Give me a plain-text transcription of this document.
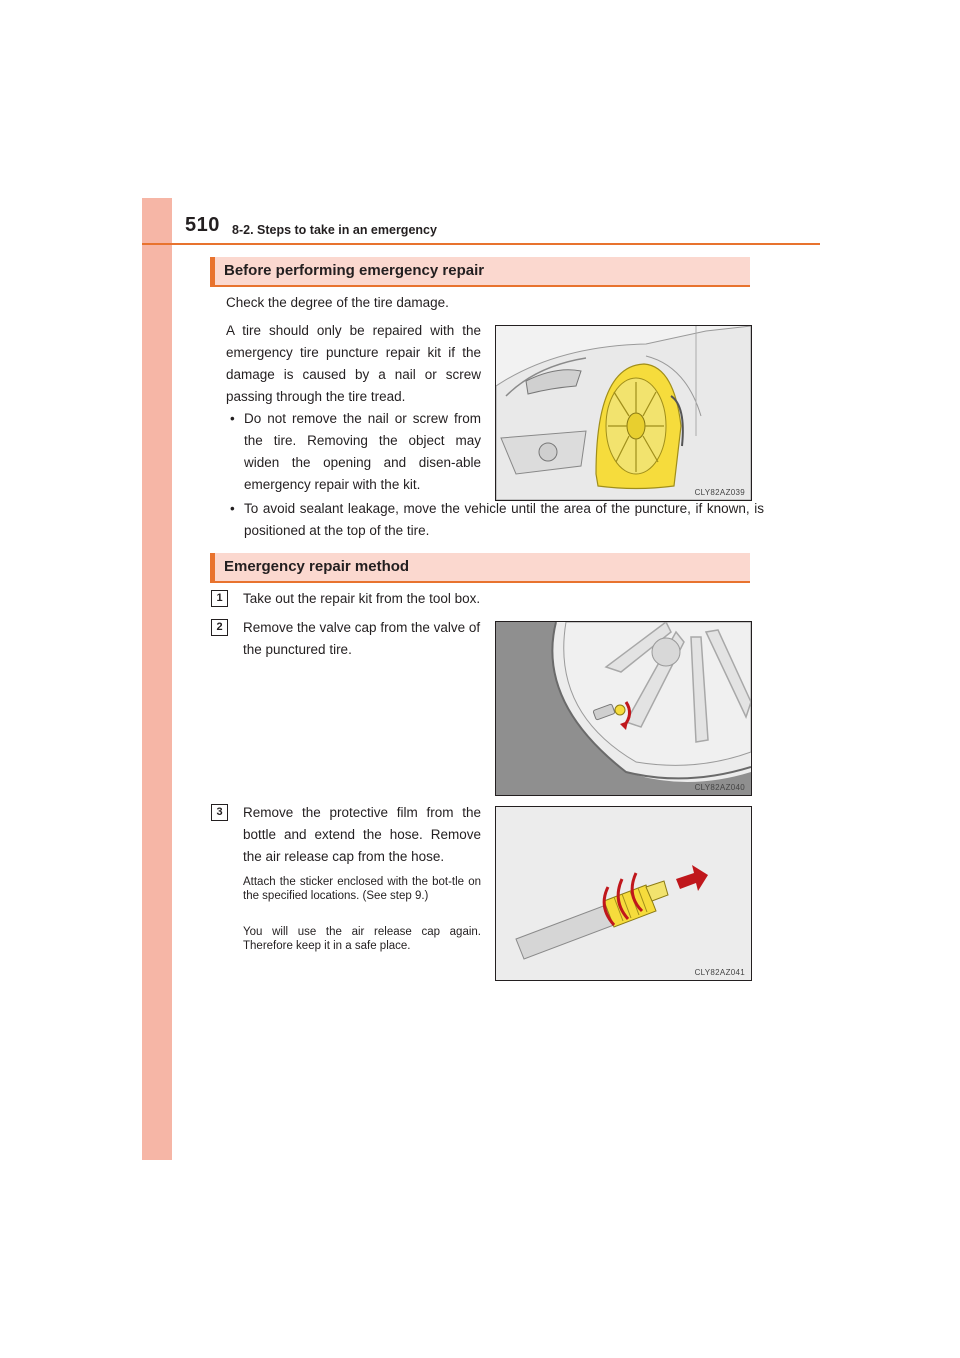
510 8-2. Steps to take in an emergency
Before performing emergency repair
Check the degree of the tire damage.
A tire should only be repaired with the emergency tire puncture repair kit if the damage is caused by a nail or screw passing through the tire tread.
• Do not remove the nail or screw from the tire. Removing the object may widen the opening and disen-able emergency repair with the kit.
CLY82AZ039
• To avoid sealant leakage, move the vehicle until the area of the puncture, if known, is positioned at the top of the tire.
Emergency repair method
1	Take out the repair kit from the tool box.
2	Remove the valve cap from the valve of the punctured tire.
CLY82AZ040
3	Remove the protective film from the bottle and extend the hose. Remove the air release cap from the hose.
Attach the sticker enclosed with the bot-tle on the specified locations. (See step 9.)
You will use the air release cap again. Therefore keep it in a safe place.
CLY82AZ041
